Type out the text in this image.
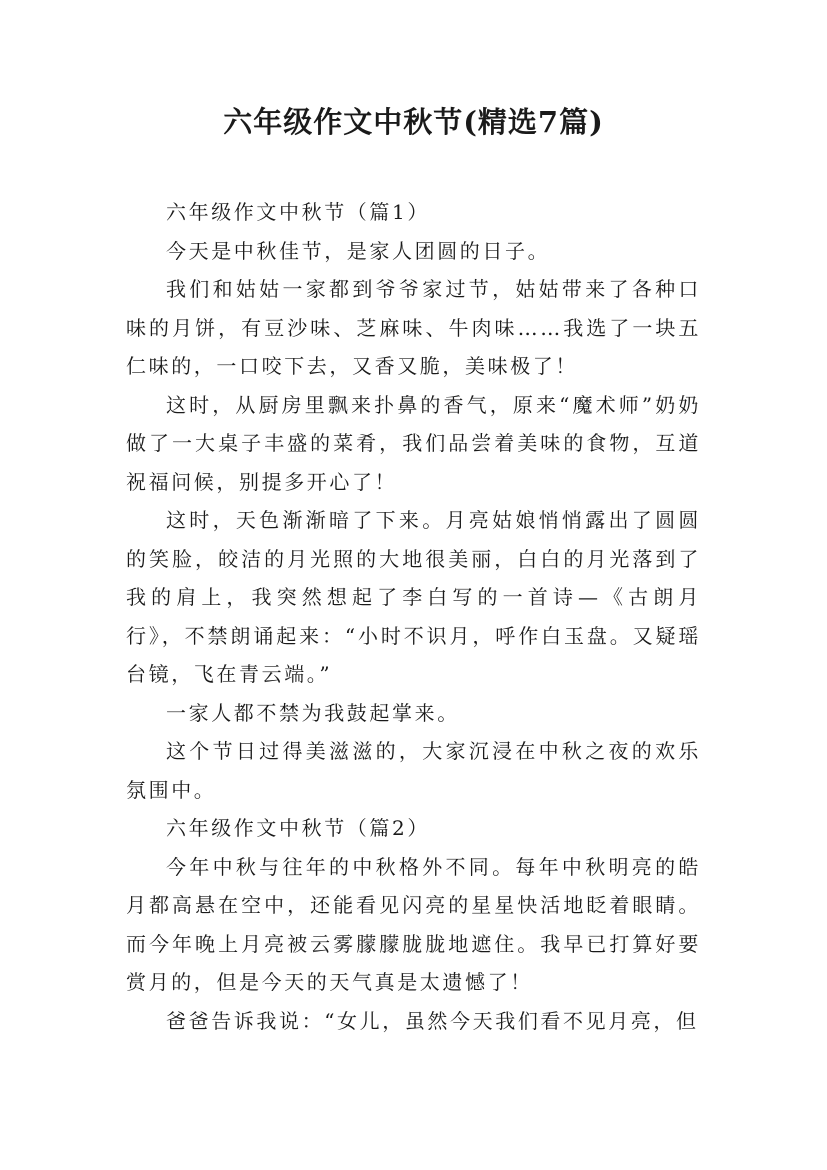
六年级作文中秋节(精选7篇)

六年级作文中秋节（篇1）

今天是中秋佳节，是家人团圆的日子。

我们和姑姑一家都到爷爷家过节，姑姑带来了各种口味的月饼，有豆沙味、芝麻味、牛肉味……我选了一块五仁味的，一口咬下去，又香又脆，美味极了！

这时，从厨房里飘来扑鼻的香气，原来“魔术师”奶奶做了一大桌子丰盛的菜肴，我们品尝着美味的食物，互道祝福问候，别提多开心了！

这时，天色渐渐暗了下来。月亮姑娘悄悄露出了圆圆的笑脸，皎洁的月光照的大地很美丽，白白的月光落到了我的肩上，我突然想起了李白写的一首诗—《古朗月行》，不禁朗诵起来：“小时不识月，呼作白玉盘。又疑瑶台镜，飞在青云端。”

一家人都不禁为我鼓起掌来。

这个节日过得美滋滋的，大家沉浸在中秋之夜的欢乐氛围中。

六年级作文中秋节（篇2）

今年中秋与往年的中秋格外不同。每年中秋明亮的皓月都高悬在空中，还能看见闪亮的星星快活地眨着眼睛。而今年晚上月亮被云雾朦朦胧胧地遮住。我早已打算好要赏月的，但是今天的天气真是太遗憾了！

爸爸告诉我说：“女儿，虽然今天我们看不见月亮，但
